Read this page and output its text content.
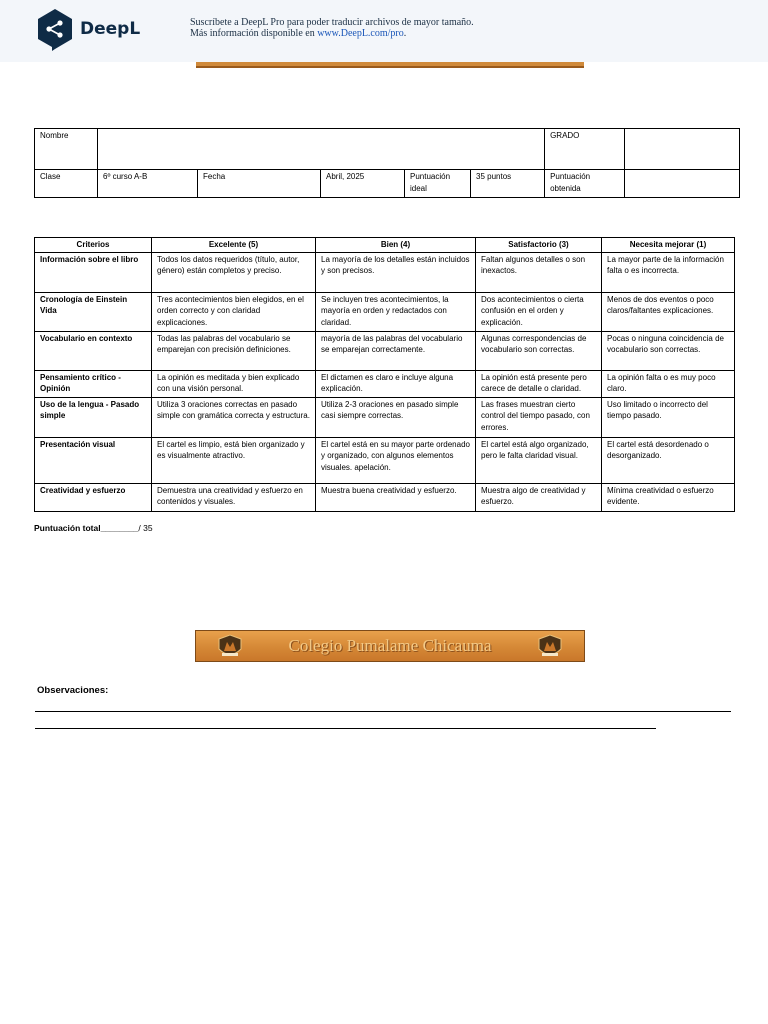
DeepL	Suscríbete a DeepL Pro para poder traducir archivos de mayor tamaño.
Más información disponible en www.DeepL.com/pro.
Nombre						GRADO	
Clase	6º curso A-B	Fecha	Abril, 2025	Puntuación ideal	35 puntos	Puntuación obtenida	
Criterios	Excelente (5)	Bien (4)	Satisfactorio (3)	Necesita mejorar (1)
Información sobre el libro	Todos los datos requeridos (título, autor, género) están completos y preciso.	La mayoría de los detalles están incluidos y son precisos.	Faltan algunos detalles o son inexactos.	La mayor parte de la información falta o es incorrecta.
Cronología de Einstein Vida	Tres acontecimientos bien elegidos, en el orden correcto y con claridad explicaciones.	Se incluyen tres acontecimientos, la mayoría en orden y redactados con claridad.	Dos acontecimientos o cierta confusión en el orden y explicación.	Menos de dos eventos o poco claros/faltantes explicaciones.
Vocabulario en contexto	Todas las palabras del vocabulario se emparejan con precisión definiciones.	mayoría de las palabras del vocabulario se emparejan correctamente.	Algunas correspondencias de vocabulario son correctas.	Pocas o ninguna coincidencia de vocabulario son correctas.
Pensamiento crítico - Opinión	La opinión es meditada y bien explicado con una visión personal.	El dictamen es claro e incluye alguna explicación.	La opinión está presente pero carece de detalle o claridad.	La opinión falta o es muy poco claro.
Uso de la lengua - Pasado simple	Utiliza 3 oraciones correctas en pasado simple con gramática correcta y estructura.	Utiliza 2-3 oraciones en pasado simple casi siempre correctas.	Las frases muestran cierto control del tiempo pasado, con errores.	Uso limitado o incorrecto del tiempo pasado.
Presentación visual	El cartel es limpio, está bien organizado y es visualmente atractivo.	El cartel está en su mayor parte ordenado y organizado, con algunos elementos visuales. apelación.	El cartel está algo organizado, pero le falta claridad visual.	El cartel está desordenado o desorganizado.
Creatividad y esfuerzo	Demuestra una creatividad y esfuerzo en contenidos y visuales.	Muestra buena creatividad y esfuerzo.	Muestra algo de creatividad y esfuerzo.	Mínima creatividad o esfuerzo evidente.
Puntuación total________/ 35
Colegio Pumalame Chicauma
Observaciones:
